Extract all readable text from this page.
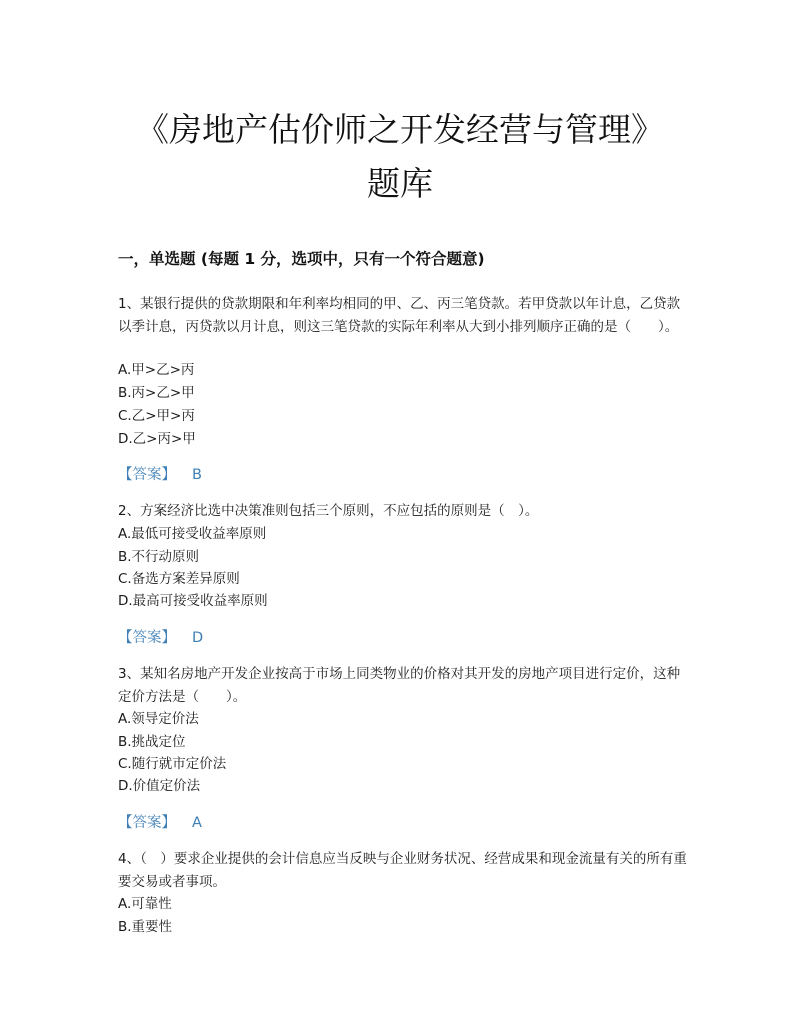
《房地产估价师之开发经营与管理》
题库
一，单选题 (每题 1 分，选项中，只有一个符合题意)
1、某银行提供的贷款期限和年利率均相同的甲、乙、丙三笔贷款。若甲贷款以年计息，乙贷款以季计息，丙贷款以月计息，则这三笔贷款的实际年利率从大到小排列顺序正确的是（　　）。
A.甲>乙>丙
B.丙>乙>甲
C.乙>甲>丙
D.乙>丙>甲
【答案】 B
2、方案经济比选中决策准则包括三个原则，不应包括的原则是（　）。
A.最低可接受收益率原则
B.不行动原则
C.备选方案差异原则
D.最高可接受收益率原则
【答案】 D
3、某知名房地产开发企业按高于市场上同类物业的价格对其开发的房地产项目进行定价，这种定价方法是（　　）。
A.领导定价法
B.挑战定位
C.随行就市定价法
D.价值定价法
【答案】 A
4、（　）要求企业提供的会计信息应当反映与企业财务状况、经营成果和现金流量有关的所有重要交易或者事项。
A.可靠性
B.重要性
